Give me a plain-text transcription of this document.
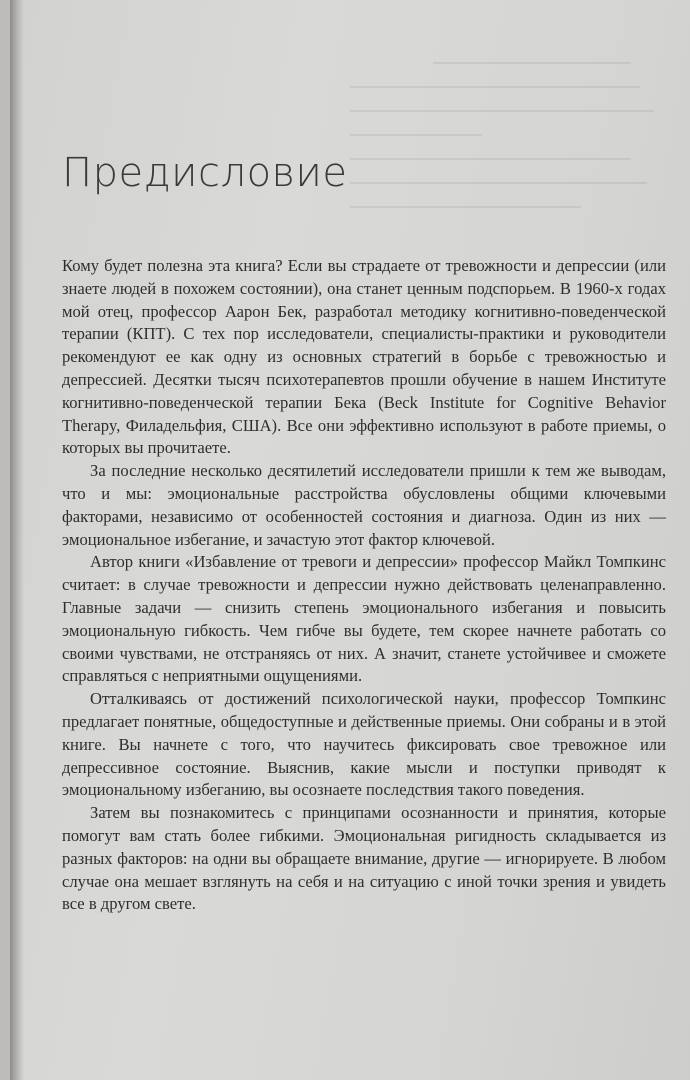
Предисловие

Кому будет полезна эта книга? Если вы страдаете от тревожности и депрессии (или знаете людей в похожем состоянии), она станет ценным подспорьем. В 1960-х годах мой отец, профессор Аарон Бек, разработал методику когнитивно-поведенческой терапии (КПТ). С тех пор исследователи, специалисты-практики и руководители рекомендуют ее как одну из основных стратегий в борьбе с тревожностью и депрессией. Десятки тысяч психотерапевтов прошли обучение в нашем Институте когнитивно-поведенческой терапии Бека (Beck Institute for Cognitive Behavior Therapy, Филадельфия, США). Все они эффективно используют в работе приемы, о которых вы прочитаете.

За последние несколько десятилетий исследователи пришли к тем же выводам, что и мы: эмоциональные расстройства обусловлены общими ключевыми факторами, независимо от особенностей состояния и диагноза. Один из них — эмоциональное избегание, и зачастую этот фактор ключевой.

Автор книги «Избавление от тревоги и депрессии» профессор Майкл Томпкинс считает: в случае тревожности и депрессии нужно действовать целенаправленно. Главные задачи — снизить степень эмоционального избегания и повысить эмоциональную гибкость. Чем гибче вы будете, тем скорее начнете работать со своими чувствами, не отстраняясь от них. А значит, станете устойчивее и сможете справляться с неприятными ощущениями.

Отталкиваясь от достижений психологической науки, профессор Томпкинс предлагает понятные, общедоступные и действенные приемы. Они собраны и в этой книге. Вы начнете с того, что научитесь фиксировать свое тревожное или депрессивное состояние. Выяснив, какие мысли и поступки приводят к эмоциональному избеганию, вы осознаете последствия такого поведения.

Затем вы познакомитесь с принципами осознанности и принятия, которые помогут вам стать более гибкими. Эмоциональная ригидность складывается из разных факторов: на одни вы обращаете внимание, другие — игнорируете. В любом случае она мешает взглянуть на себя и на ситуацию с иной точки зрения и увидеть все в другом свете.
